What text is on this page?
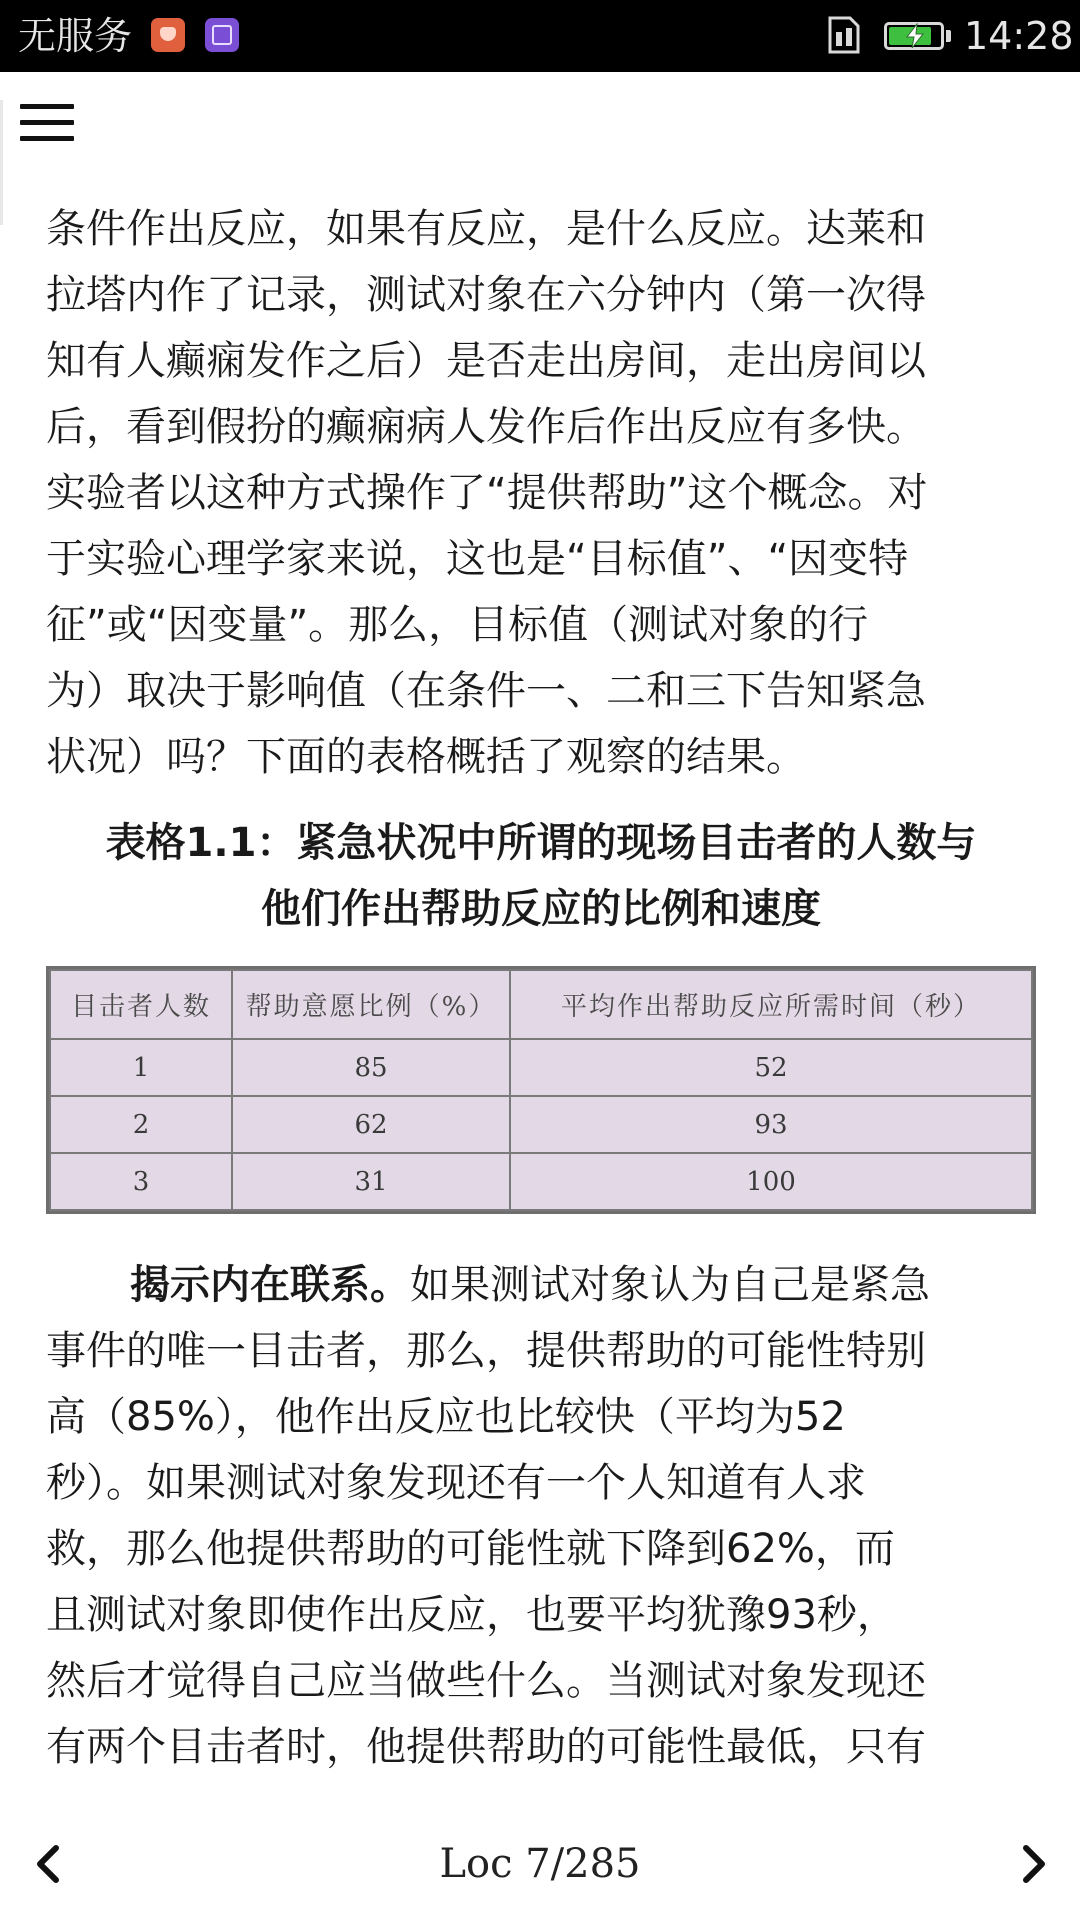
无服务	14:28

条件作出反应，如果有反应，是什么反应。达莱和
拉塔内作了记录，测试对象在六分钟内（第一次得
知有人癫痫发作之后）是否走出房间，走出房间以
后，看到假扮的癫痫病人发作后作出反应有多快。
实验者以这种方式操作了“提供帮助”这个概念。对
于实验心理学家来说，这也是“目标值”、“因变特
征”或“因变量”。那么，目标值（测试对象的行
为）取决于影响值（在条件一、二和三下告知紧急
状况）吗？下面的表格概括了观察的结果。

表格1.1：紧急状况中所谓的现场目击者的人数与
他们作出帮助反应的比例和速度

目击者人数	帮助意愿比例（%）	平均作出帮助反应所需时间（秒）
1	85	52
2	62	93
3	31	100

揭示内在联系。如果测试对象认为自己是紧急
事件的唯一目击者，那么，提供帮助的可能性特别
高（85%），他作出反应也比较快（平均为52
秒）。如果测试对象发现还有一个人知道有人求
救，那么他提供帮助的可能性就下降到62%，而
且测试对象即使作出反应，也要平均犹豫93秒，
然后才觉得自己应当做些什么。当测试对象发现还
有两个目击者时，他提供帮助的可能性最低，只有

Loc 7/285
